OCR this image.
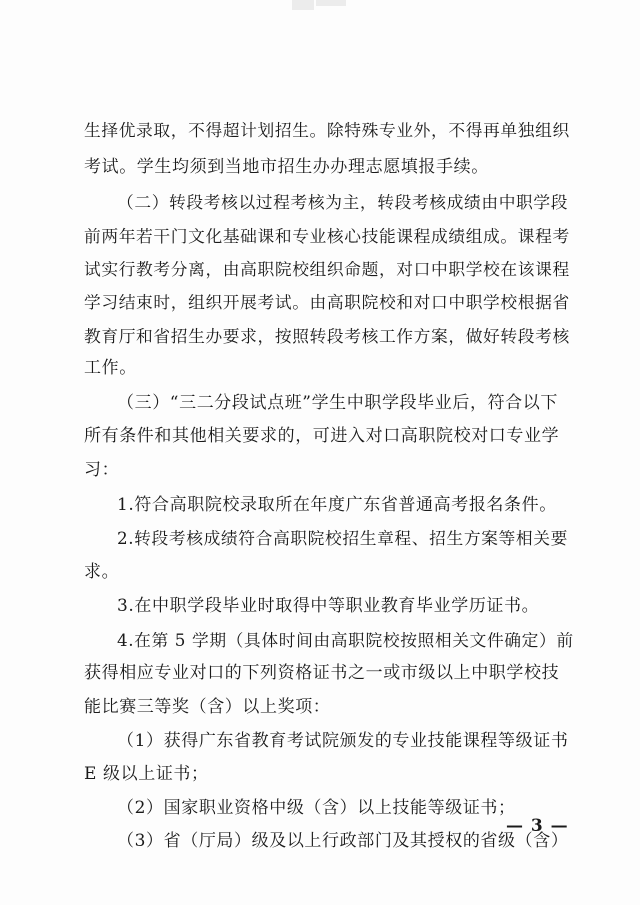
生择优录取，不得超计划招生。除特殊专业外，不得再单独组织
考试。学生均须到当地市招生办办理志愿填报手续。
（二）转段考核以过程考核为主，转段考核成绩由中职学段
前两年若干门文化基础课和专业核心技能课程成绩组成。课程考
试实行教考分离，由高职院校组织命题，对口中职学校在该课程
学习结束时，组织开展考试。由高职院校和对口中职学校根据省
教育厅和省招生办要求，按照转段考核工作方案，做好转段考核
工作。
（三）“三二分段试点班”学生中职学段毕业后，符合以下
所有条件和其他相关要求的，可进入对口高职院校对口专业学
习：
1.符合高职院校录取所在年度广东省普通高考报名条件。
2.转段考核成绩符合高职院校招生章程、招生方案等相关要
求。
3.在中职学段毕业时取得中等职业教育毕业学历证书。
4.在第 5 学期（具体时间由高职院校按照相关文件确定）前
获得相应专业对口的下列资格证书之一或市级以上中职学校技
能比赛三等奖（含）以上奖项：
（1）获得广东省教育考试院颁发的专业技能课程等级证书
E 级以上证书；
（2）国家职业资格中级（含）以上技能等级证书；
（3）省（厅局）级及以上行政部门及其授权的省级（含）
— 3 —
